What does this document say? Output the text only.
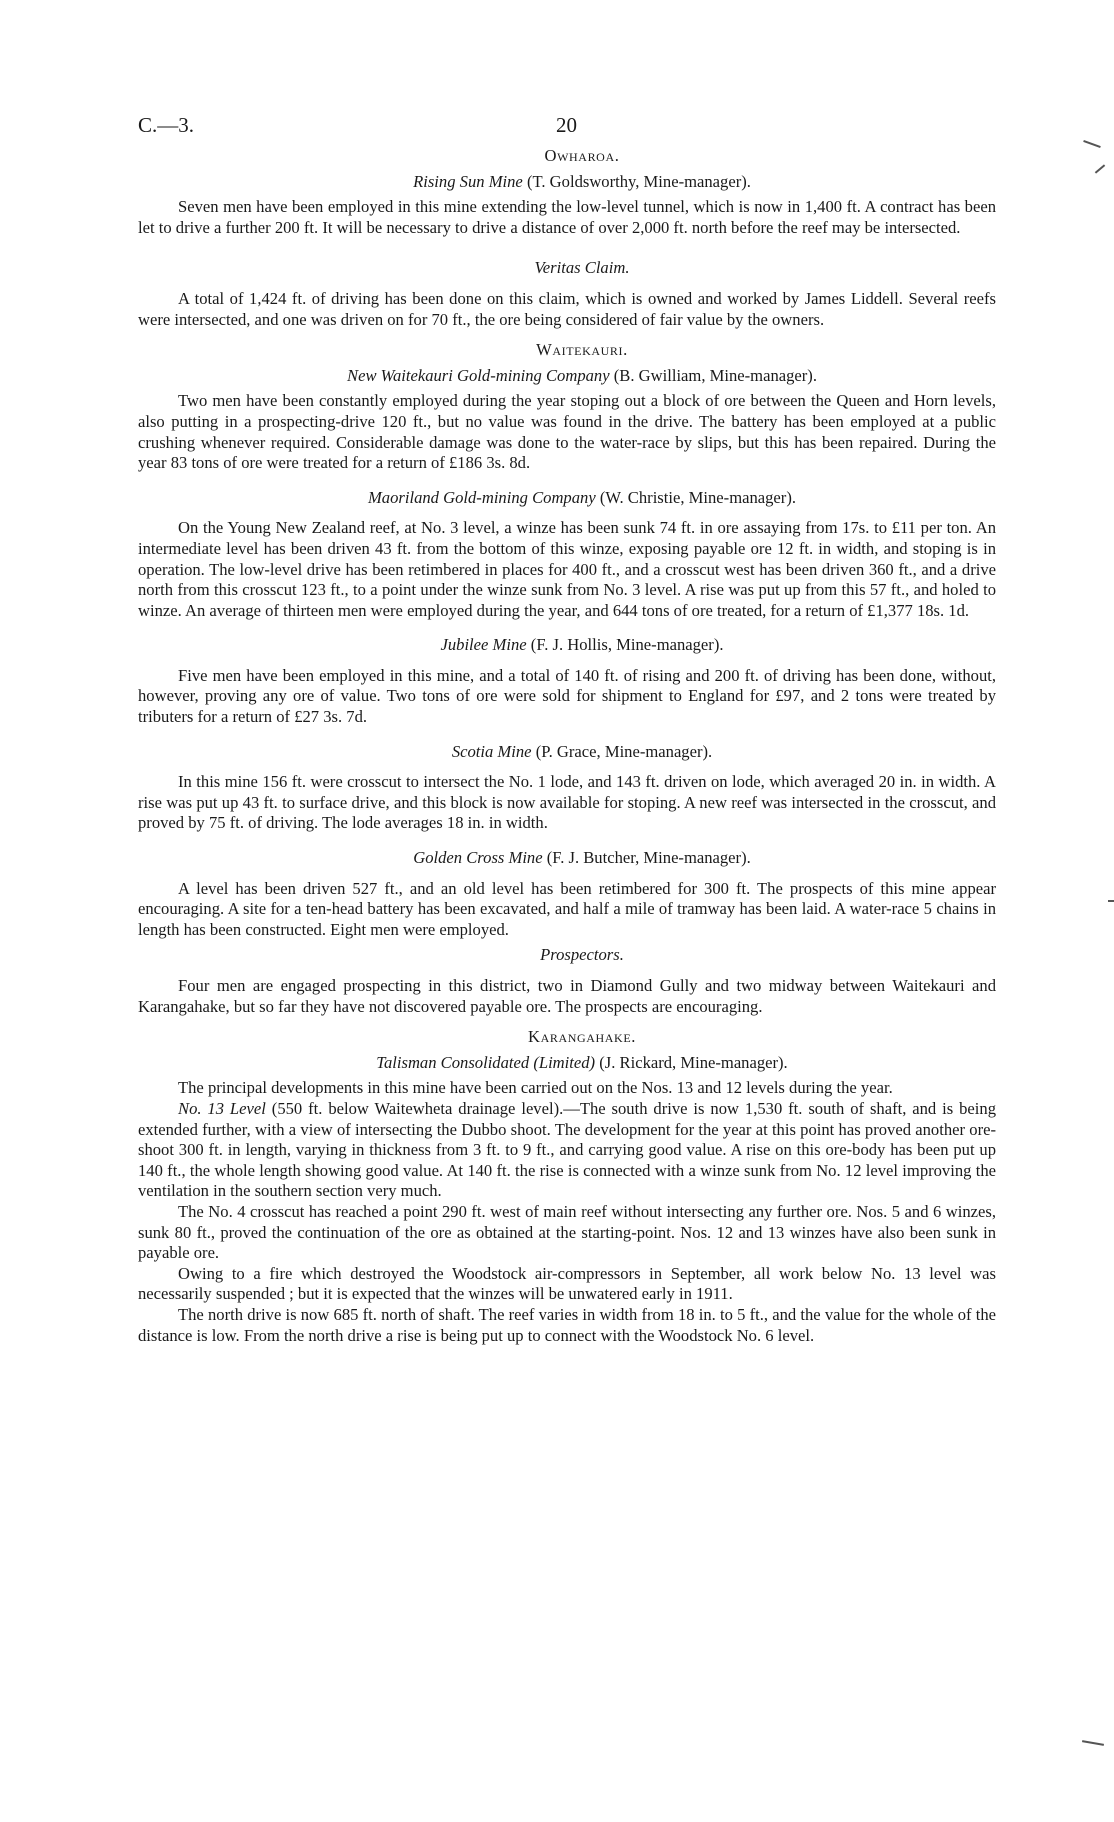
C.—3.	20

Owharoa.

Rising Sun Mine (T. Goldsworthy, Mine-manager).

Seven men have been employed in this mine extending the low-level tunnel, which is now in 1,400 ft. A contract has been let to drive a further 200 ft. It will be necessary to drive a distance of over 2,000 ft. north before the reef may be intersected.

Veritas Claim.

A total of 1,424 ft. of driving has been done on this claim, which is owned and worked by James Liddell. Several reefs were intersected, and one was driven on for 70 ft., the ore being considered of fair value by the owners.

Waitekauri.

New Waitekauri Gold-mining Company (B. Gwilliam, Mine-manager).

Two men have been constantly employed during the year stoping out a block of ore between the Queen and Horn levels, also putting in a prospecting-drive 120 ft., but no value was found in the drive. The battery has been employed at a public crushing whenever required. Considerable damage was done to the water-race by slips, but this has been repaired. During the year 83 tons of ore were treated for a return of £186 3s. 8d.

Maoriland Gold-mining Company (W. Christie, Mine-manager).

On the Young New Zealand reef, at No. 3 level, a winze has been sunk 74 ft. in ore assaying from 17s. to £11 per ton. An intermediate level has been driven 43 ft. from the bottom of this winze, exposing payable ore 12 ft. in width, and stoping is in operation. The low-level drive has been retimbered in places for 400 ft., and a crosscut west has been driven 360 ft., and a drive north from this crosscut 123 ft., to a point under the winze sunk from No. 3 level. A rise was put up from this 57 ft., and holed to winze. An average of thirteen men were employed during the year, and 644 tons of ore treated, for a return of £1,377 18s. 1d.

Jubilee Mine (F. J. Hollis, Mine-manager).

Five men have been employed in this mine, and a total of 140 ft. of rising and 200 ft. of driving has been done, without, however, proving any ore of value. Two tons of ore were sold for shipment to England for £97, and 2 tons were treated by tributers for a return of £27 3s. 7d.

Scotia Mine (P. Grace, Mine-manager).

In this mine 156 ft. were crosscut to intersect the No. 1 lode, and 143 ft. driven on lode, which averaged 20 in. in width. A rise was put up 43 ft. to surface drive, and this block is now available for stoping. A new reef was intersected in the crosscut, and proved by 75 ft. of driving. The lode averages 18 in. in width.

Golden Cross Mine (F. J. Butcher, Mine-manager).

A level has been driven 527 ft., and an old level has been retimbered for 300 ft. The prospects of this mine appear encouraging. A site for a ten-head battery has been excavated, and half a mile of tramway has been laid. A water-race 5 chains in length has been constructed. Eight men were employed.

Prospectors.

Four men are engaged prospecting in this district, two in Diamond Gully and two midway between Waitekauri and Karangahake, but so far they have not discovered payable ore. The prospects are encouraging.

Karangahake.

Talisman Consolidated (Limited) (J. Rickard, Mine-manager).

The principal developments in this mine have been carried out on the Nos. 13 and 12 levels during the year.

No. 13 Level (550 ft. below Waitewheta drainage level).—The south drive is now 1,530 ft. south of shaft, and is being extended further, with a view of intersecting the Dubbo shoot. The development for the year at this point has proved another ore-shoot 300 ft. in length, varying in thickness from 3 ft. to 9 ft., and carrying good value. A rise on this ore-body has been put up 140 ft., the whole length showing good value. At 140 ft. the rise is connected with a winze sunk from No. 12 level improving the ventilation in the southern section very much.

The No. 4 crosscut has reached a point 290 ft. west of main reef without intersecting any further ore. Nos. 5 and 6 winzes, sunk 80 ft., proved the continuation of the ore as obtained at the starting-point. Nos. 12 and 13 winzes have also been sunk in payable ore.

Owing to a fire which destroyed the Woodstock air-compressors in September, all work below No. 13 level was necessarily suspended ; but it is expected that the winzes will be unwatered early in 1911.

The north drive is now 685 ft. north of shaft. The reef varies in width from 18 in. to 5 ft., and the value for the whole of the distance is low. From the north drive a rise is being put up to connect with the Woodstock No. 6 level.
